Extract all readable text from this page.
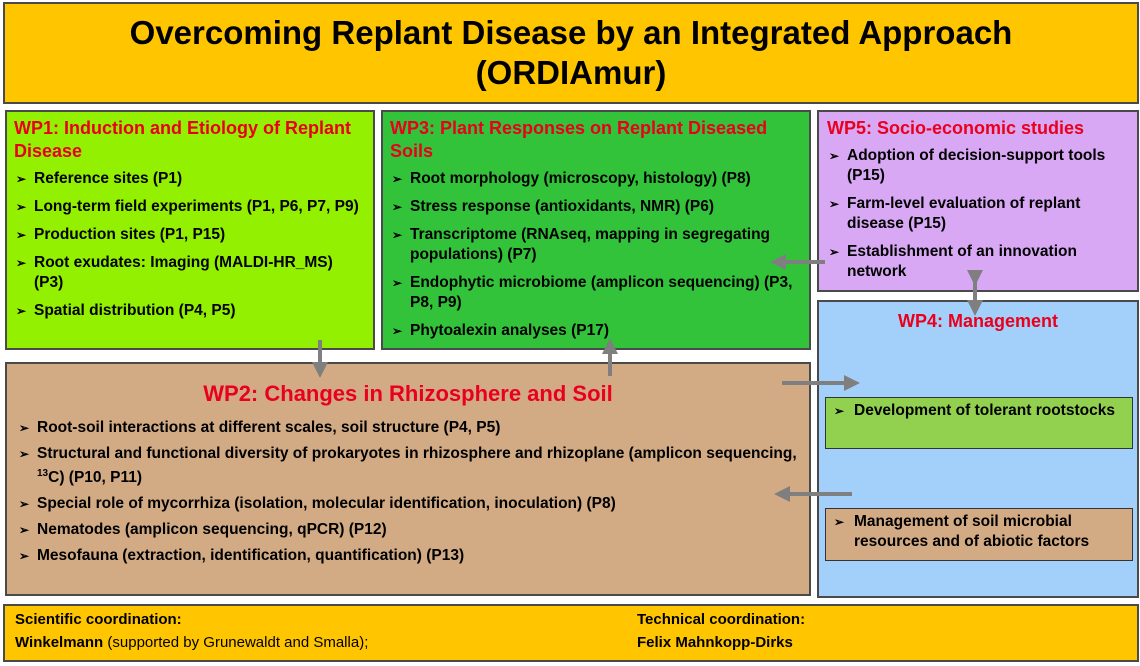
Overcoming Replant Disease by an Integrated Approach
(ORDIAmur)
WP1: Induction and Etiology of Replant Disease
➢ Reference sites (P1)
➢ Long-term field experiments (P1, P6, P7, P9)
➢ Production sites (P1, P15)
➢ Root exudates: Imaging (MALDI-HR_MS) (P3)
➢ Spatial distribution (P4, P5)
WP3: Plant Responses on Replant Diseased Soils
➢ Root morphology (microscopy, histology) (P8)
➢ Stress response (antioxidants, NMR) (P6)
➢ Transcriptome (RNAseq, mapping in segregating populations) (P7)
➢ Endophytic microbiome (amplicon sequencing) (P3, P8, P9)
➢ Phytoalexin analyses (P17)
WP5: Socio-economic studies
➢ Adoption of decision-support tools (P15)
➢ Farm-level evaluation of replant disease (P15)
➢ Establishment of an innovation network
WP4: Management
➢ Development of tolerant rootstocks
➢ Management of soil microbial resources and of abiotic factors
WP2: Changes in Rhizosphere and Soil
➢ Root-soil interactions at different scales, soil structure (P4, P5)
➢ Structural and functional diversity of prokaryotes in rhizosphere and rhizoplane (amplicon sequencing, $^{13}$C) (P10, P11)
➢ Special role of mycorrhiza (isolation, molecular identification, inoculation) (P8)
➢ Nematodes (amplicon sequencing, qPCR) (P12)
➢ Mesofauna (extraction, identification, quantification) (P13)
Scientific coordination:
Winkelmann (supported by Grunewaldt and Smalla);
Technical coordination:
Felix Mahnkopp-Dirks
